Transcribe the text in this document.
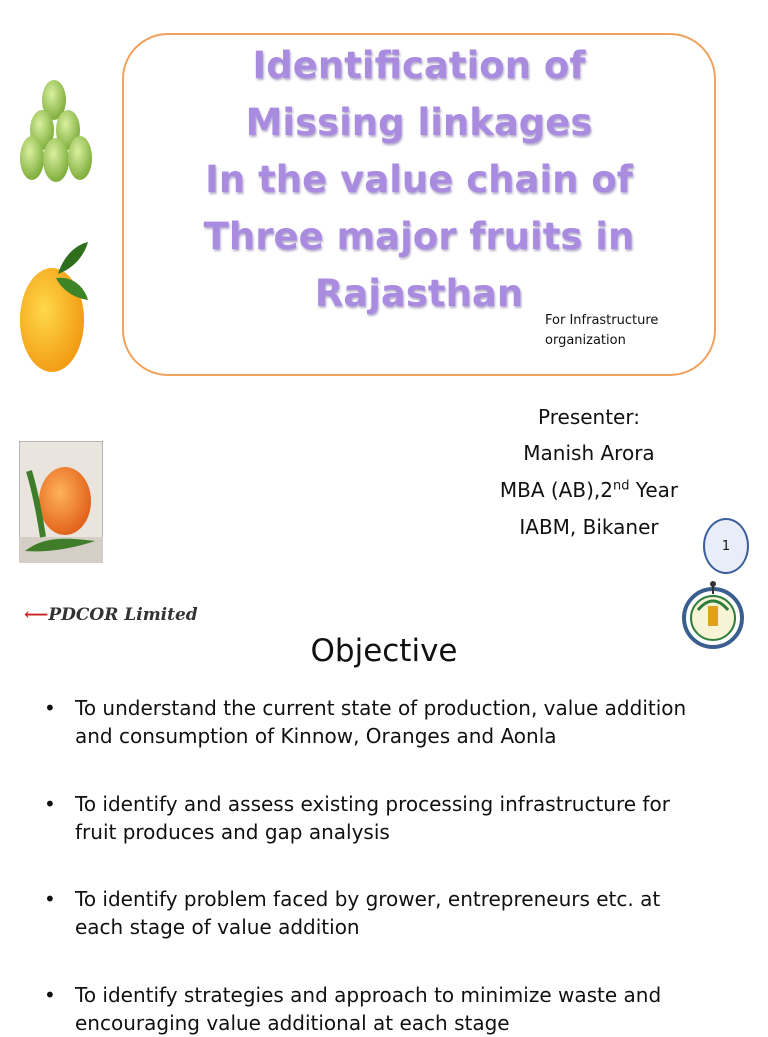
Identification of
Missing linkages
In the value chain of
Three major fruits in
Rajasthan
For Infrastructure
organization
Presenter:
Manish Arora
MBA (AB),2nd Year
IABM, Bikaner
1
⟵PDCOR Limited
Objective
• To understand the current state of production, value addition
and consumption of Kinnow, Oranges and Aonla
• To identify and assess existing processing infrastructure for
fruit produces and gap analysis
• To identify problem faced by grower, entrepreneurs etc. at
each stage of value addition
• To identify strategies and approach to minimize waste and
encouraging value additional at each stage
